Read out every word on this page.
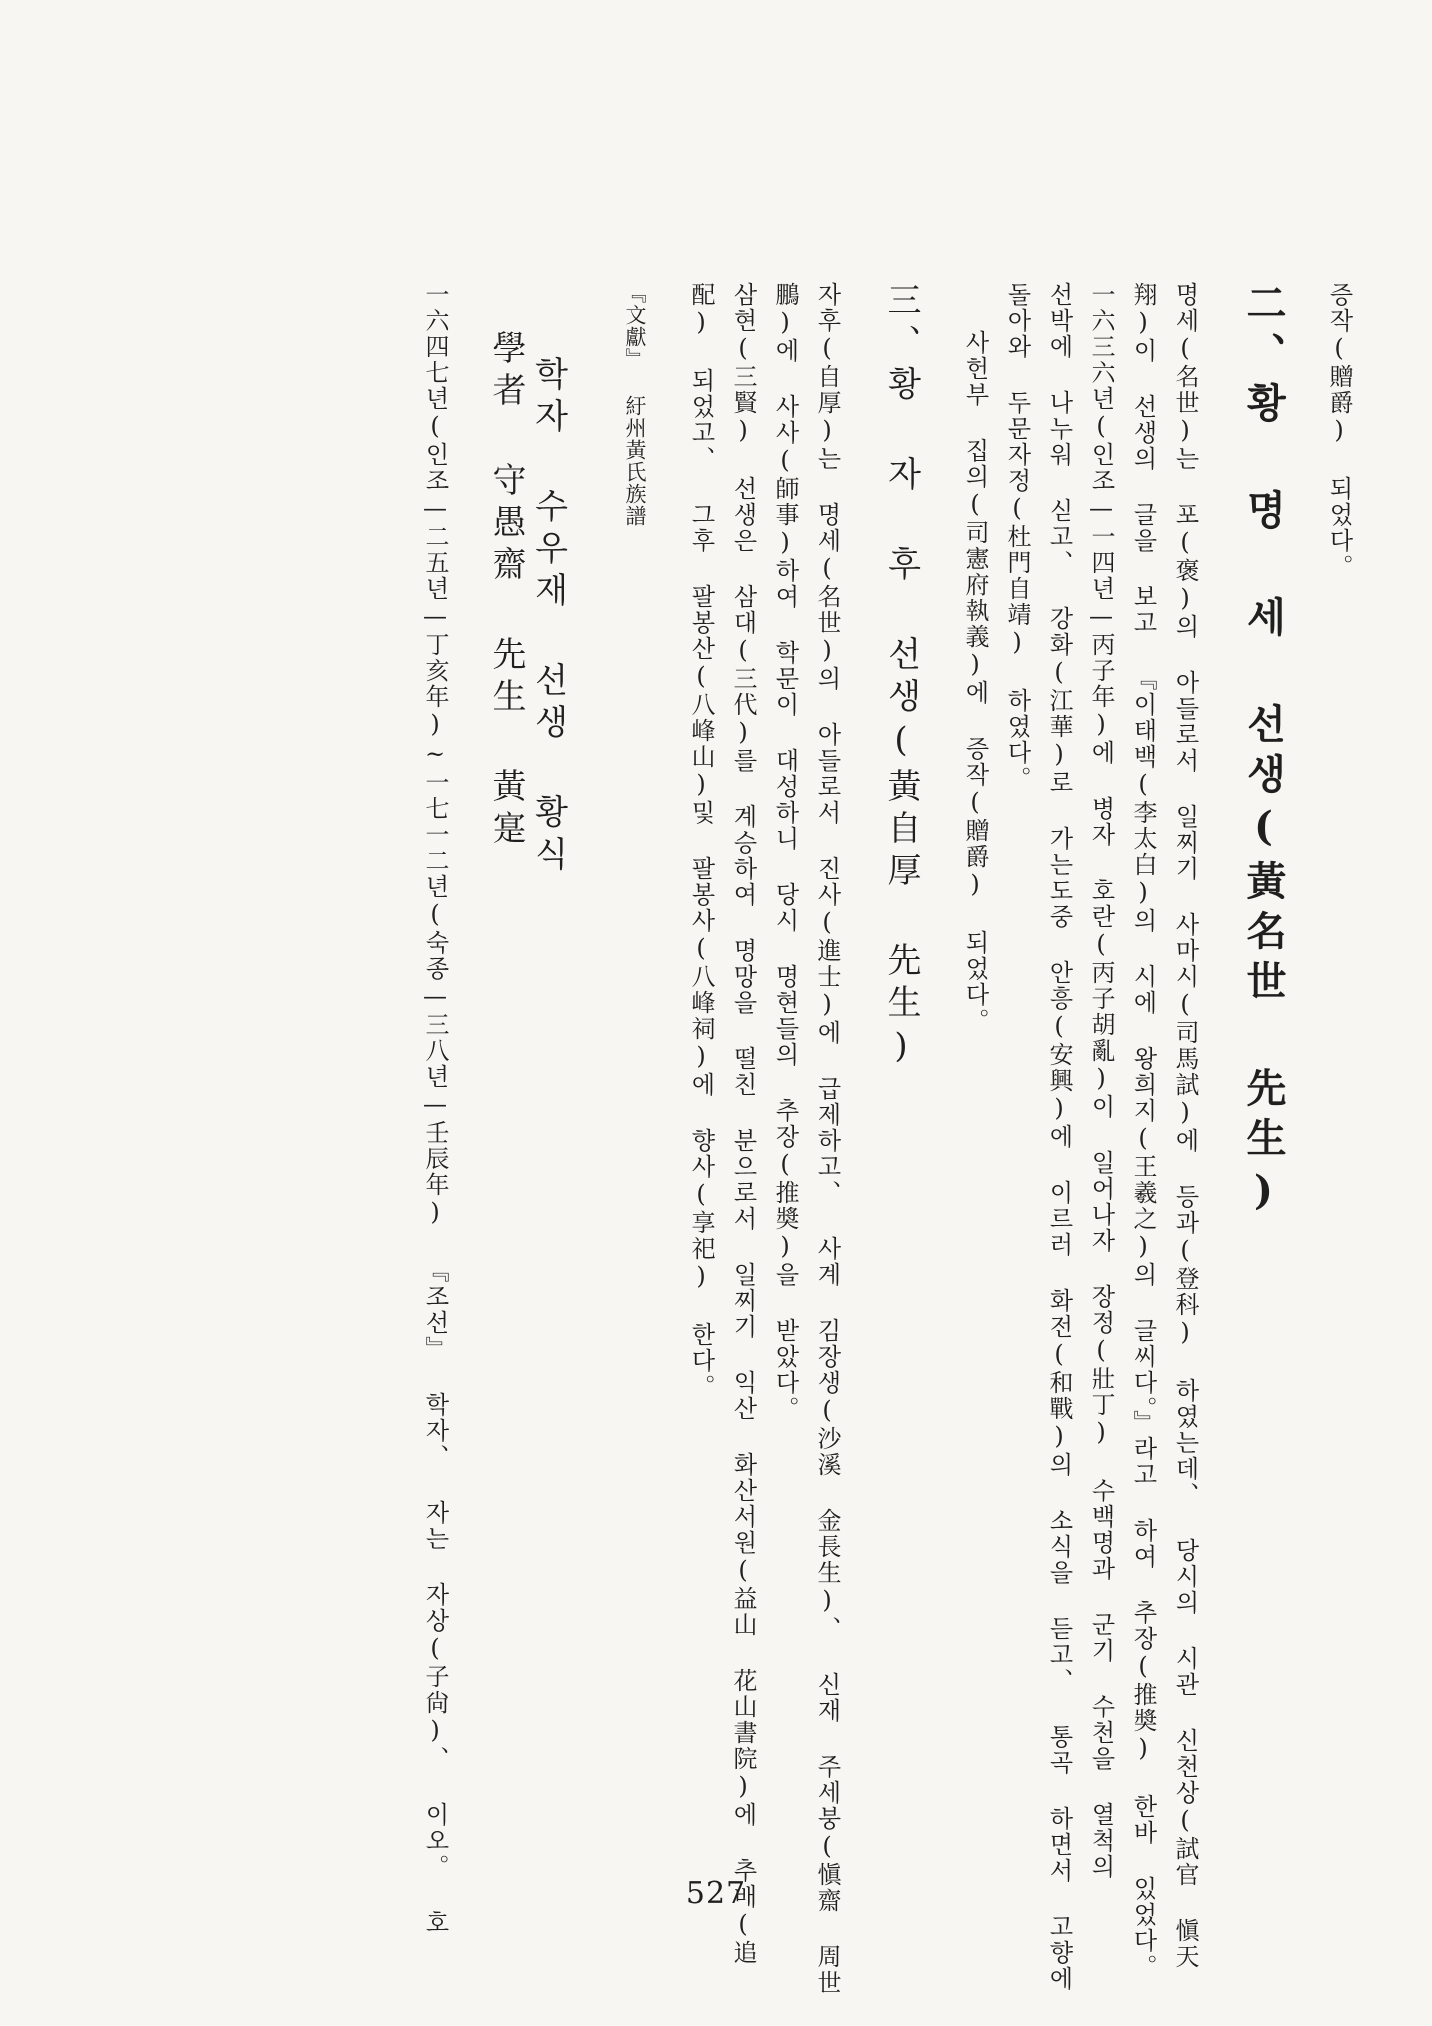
증작(贈爵) 되었다。
二、황 명 세 선생(黃名世 先生)
명세(名世)는 포(褒)의 아들로서 일찌기 사마시(司馬試)에 등과(登科) 하였는데、 당시의 시관 신천상(試官 愼天
翔)이 선생의 글을 보고 『이태백(李太白)의 시에 왕희지(王羲之)의 글씨다。』라고 하여 추장(推奬) 한바 있었다。
一六三六년(인조—一四년—丙子年)에 병자 호란(丙子胡亂)이 일어나자 장정(壯丁) 수백명과 군기 수천을 열척의
선박에 나누워 싣고、 강화(江華)로 가는도중 안흥(安興)에 이르러 화전(和戰)의 소식을 듣고、 통곡 하면서 고향에
돌아와 두문자정(杜門自靖) 하였다。
사헌부 집의(司憲府執義)에 증작(贈爵) 되었다。
三、황 자 후 선생(黃自厚 先生)
자후(自厚)는 명세(名世)의 아들로서 진사(進士)에 급제하고、 사계 김장생(沙溪 金長生)、 신재 주세붕(愼齋 周世
鵬)에 사사(師事)하여 학문이 대성하니 당시 명현들의 추장(推奬)을 받았다。
삼현(三賢) 선생은 삼대(三代)를 계승하여 명망을 떨친 분으로서 일찌기 익산 화산서원(益山 花山書院)에 추배(追
配) 되었고、 그후 팔봉산(八峰山)및 팔봉사(八峰祠)에 향사(享祀) 한다。
『文獻』 紆州黃氏族譜
학자 수우재 선생 황식
學者 守愚齋 先生 黃寔
一六四七년(인조—二五년—丁亥年)~一七一二년(숙종—三八년—壬辰年) 『조선』 학자、 자는 자상(子尙)、 이오。 호	527
